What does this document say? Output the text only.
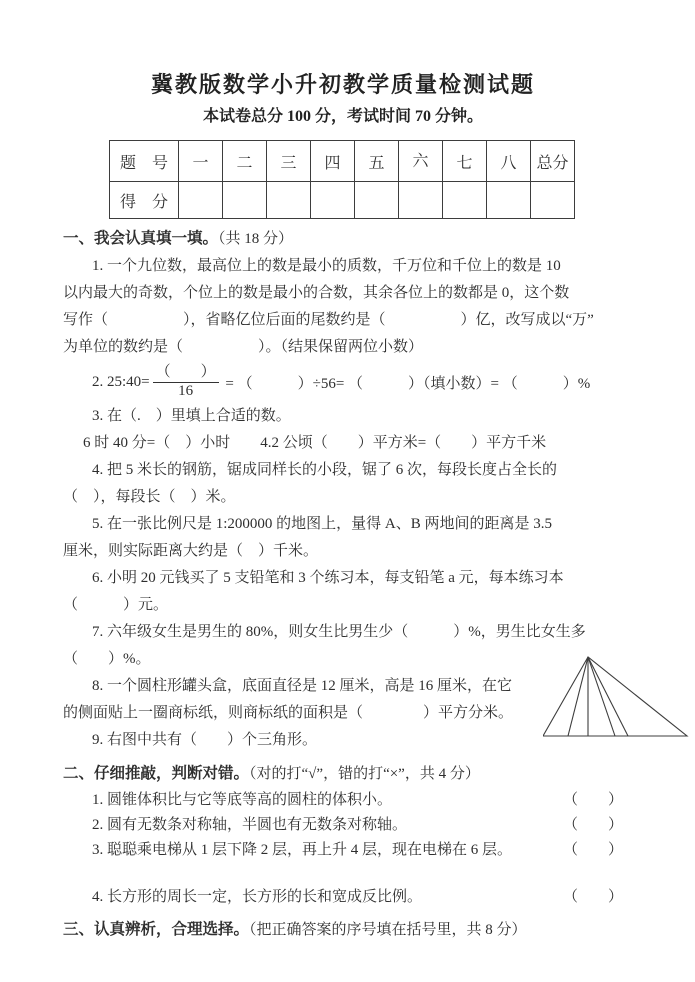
冀教版数学小升初教学质量检测试题
本试卷总分 100 分，考试时间 70 分钟。
题　号	一	二	三	四	五	六	七	八	总分
得　分									
一、我会认真填一填。（共 18 分）
1. 一个九位数，最高位上的数是最小的质数，千万位和千位上的数是 10
以内最大的奇数，个位上的数是最小的合数，其余各位上的数都是 0，这个数
写作（　　　　　），省略亿位后面的尾数约是（　　　　　）亿，改写成以“万”
为单位的数约是（　　　　　）。（结果保留两位小数）
2. 25:40= $\frac{( )}{16}$ = （　　　）÷56= （　　　）（填小数）= （　　　）%
3. 在（.　）里填上合适的数。
6 时 40 分=（　）小时　　4.2 公顷（　　）平方米=（　　）平方千米
4. 把 5 米长的钢筋，锯成同样长的小段，锯了 6 次，每段长度占全长的
（　），每段长（　）米。
5. 在一张比例尺是 1:200000 的地图上，量得 A、B 两地间的距离是 3.5
厘米，则实际距离大约是（　）千米。
6. 小明 20 元钱买了 5 支铅笔和 3 个练习本，每支铅笔 a 元，每本练习本
（　　　）元。
7. 六年级女生是男生的 80%，则女生比男生少（　　　）%，男生比女生多
（　　）%。
8. 一个圆柱形罐头盒，底面直径是 12 厘米，高是 16 厘米，在它
的侧面贴上一圈商标纸，则商标纸的面积是（　　　　）平方分米。
9. 右图中共有（　　）个三角形。
二、仔细推敲，判断对错。（对的打“√”，错的打“×”，共 4 分）
1. 圆锥体积比与它等底等高的圆柱的体积小。	（　　）
2. 圆有无数条对称轴，半圆也有无数条对称轴。	（　　）
3. 聪聪乘电梯从 1 层下降 2 层，再上升 4 层，现在电梯在 6 层。	（　　）
4. 长方形的周长一定，长方形的长和宽成反比例。	（　　）
三、认真辨析，合理选择。（把正确答案的序号填在括号里，共 8 分）
